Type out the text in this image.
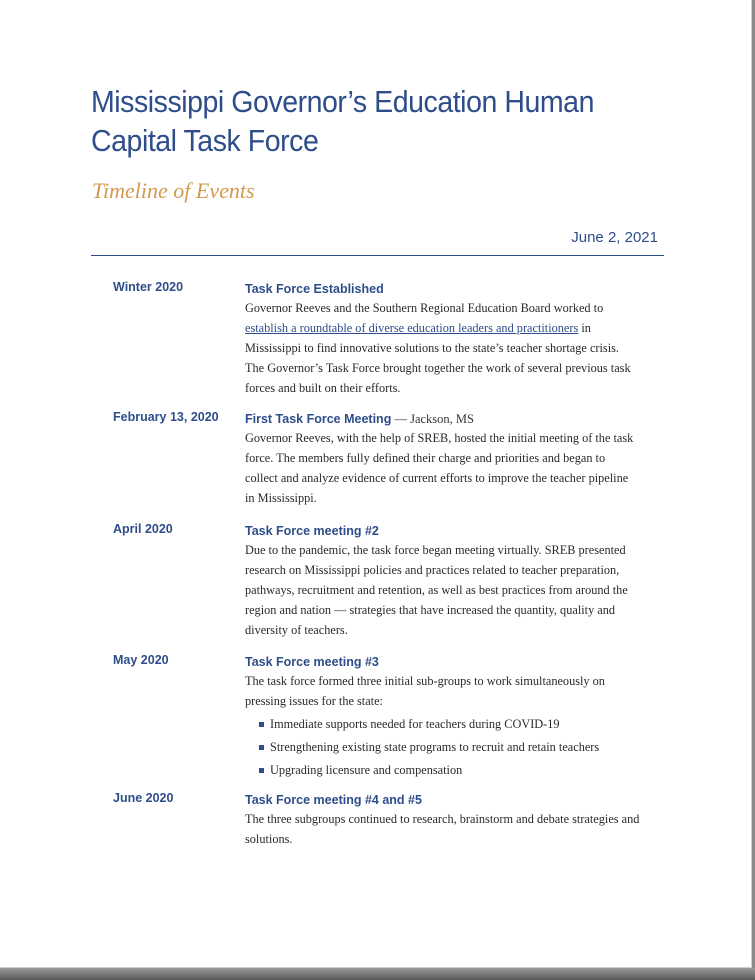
Mississippi Governor’s Education Human Capital Task Force
Timeline of Events
June 2, 2021
Winter 2020	Task Force Established
Governor Reeves and the Southern Regional Education Board worked to establish a roundtable of diverse education leaders and practitioners in Mississippi to find innovative solutions to the state’s teacher shortage crisis. The Governor’s Task Force brought together the work of several previous task forces and built on their efforts.
February 13, 2020 First Task Force Meeting — Jackson, MS
Governor Reeves, with the help of SREB, hosted the initial meeting of the task force. The members fully defined their charge and priorities and began to collect and analyze evidence of current efforts to improve the teacher pipeline in Mississippi.
April 2020	Task Force meeting #2
Due to the pandemic, the task force began meeting virtually. SREB presented research on Mississippi policies and practices related to teacher preparation, pathways, recruitment and retention, as well as best practices from around the region and nation — strategies that have increased the quantity, quality and diversity of teachers.
May 2020	Task Force meeting #3
The task force formed three initial sub-groups to work simultaneously on pressing issues for the state:
Immediate supports needed for teachers during COVID-19
Strengthening existing state programs to recruit and retain teachers
Upgrading licensure and compensation
June 2020	Task Force meeting #4 and #5
The three subgroups continued to research, brainstorm and debate strategies and solutions.
